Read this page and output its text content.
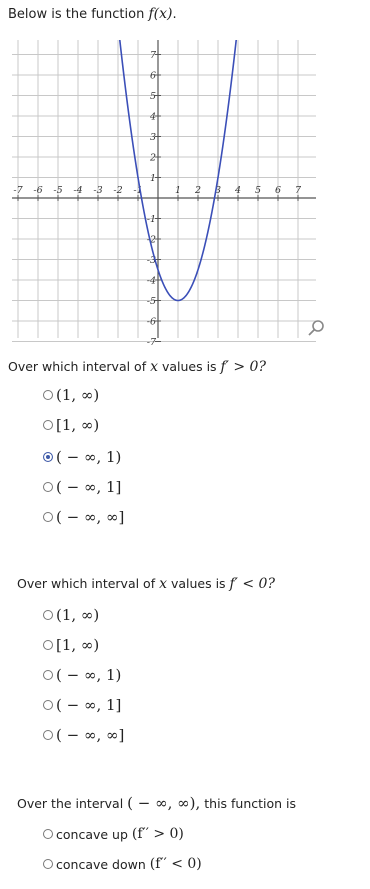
Below is the function f(x).
-7 -6 -5 -4 -3 -2 -1	1 2 3 4 5 6 7
7
6
5
4
3
2
1
-1
-2
-3
-4
-5
-6
-7
Over which interval of x values is f′ > 0?
(1, ∞)
[1, ∞)
( − ∞, 1)
( − ∞, 1]
( − ∞, ∞]
Over which interval of x values is f′ < 0?
(1, ∞)
[1, ∞)
( − ∞, 1)
( − ∞, 1]
( − ∞, ∞]
Over the interval ( − ∞, ∞), this function is
concave up (f′′ > 0)
concave down (f′′ < 0)
